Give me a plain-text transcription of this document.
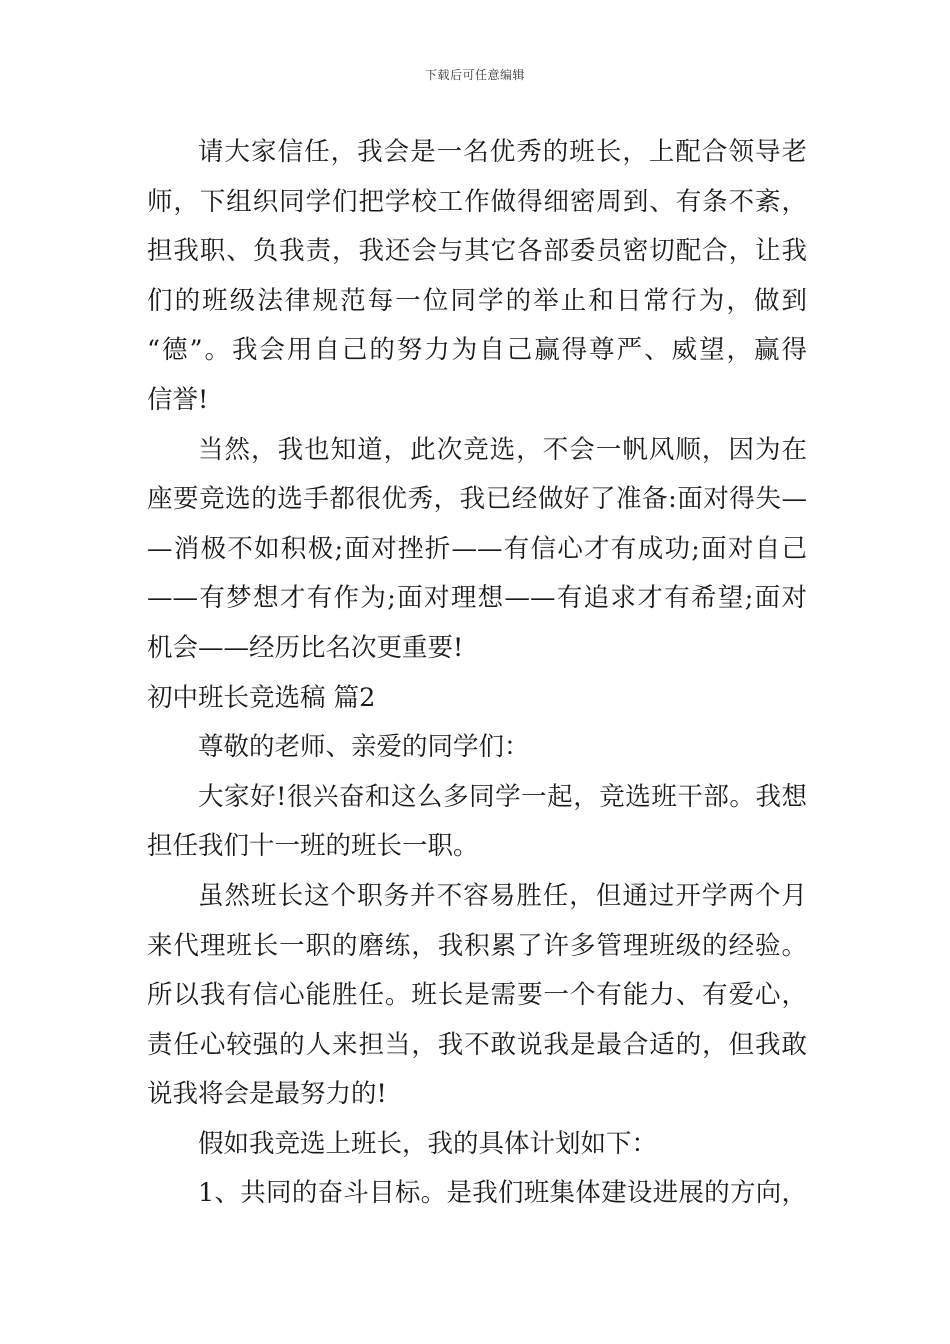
下载后可任意编辑
请大家信任，我会是一名优秀的班长，上配合领导老
师，下组织同学们把学校工作做得细密周到、有条不紊，
担我职、负我责，我还会与其它各部委员密切配合，让我
们的班级法律规范每一位同学的举止和日常行为，做到
“德”。我会用自己的努力为自己赢得尊严、威望，赢得
信誉!
当然，我也知道，此次竞选，不会一帆风顺，因为在
座要竞选的选手都很优秀，我已经做好了准备:面对得失—
—消极不如积极;面对挫折——有信心才有成功;面对自己
——有梦想才有作为;面对理想——有追求才有希望;面对
机会——经历比名次更重要!
初中班长竞选稿 篇2
尊敬的老师、亲爱的同学们：
大家好!很兴奋和这么多同学一起，竞选班干部。我想
担任我们十一班的班长一职。
虽然班长这个职务并不容易胜任，但通过开学两个月
来代理班长一职的磨练，我积累了许多管理班级的经验。
所以我有信心能胜任。班长是需要一个有能力、有爱心，
责任心较强的人来担当，我不敢说我是最合适的，但我敢
说我将会是最努力的!
假如我竞选上班长，我的具体计划如下：
1、共同的奋斗目标。是我们班集体建设进展的方向，
